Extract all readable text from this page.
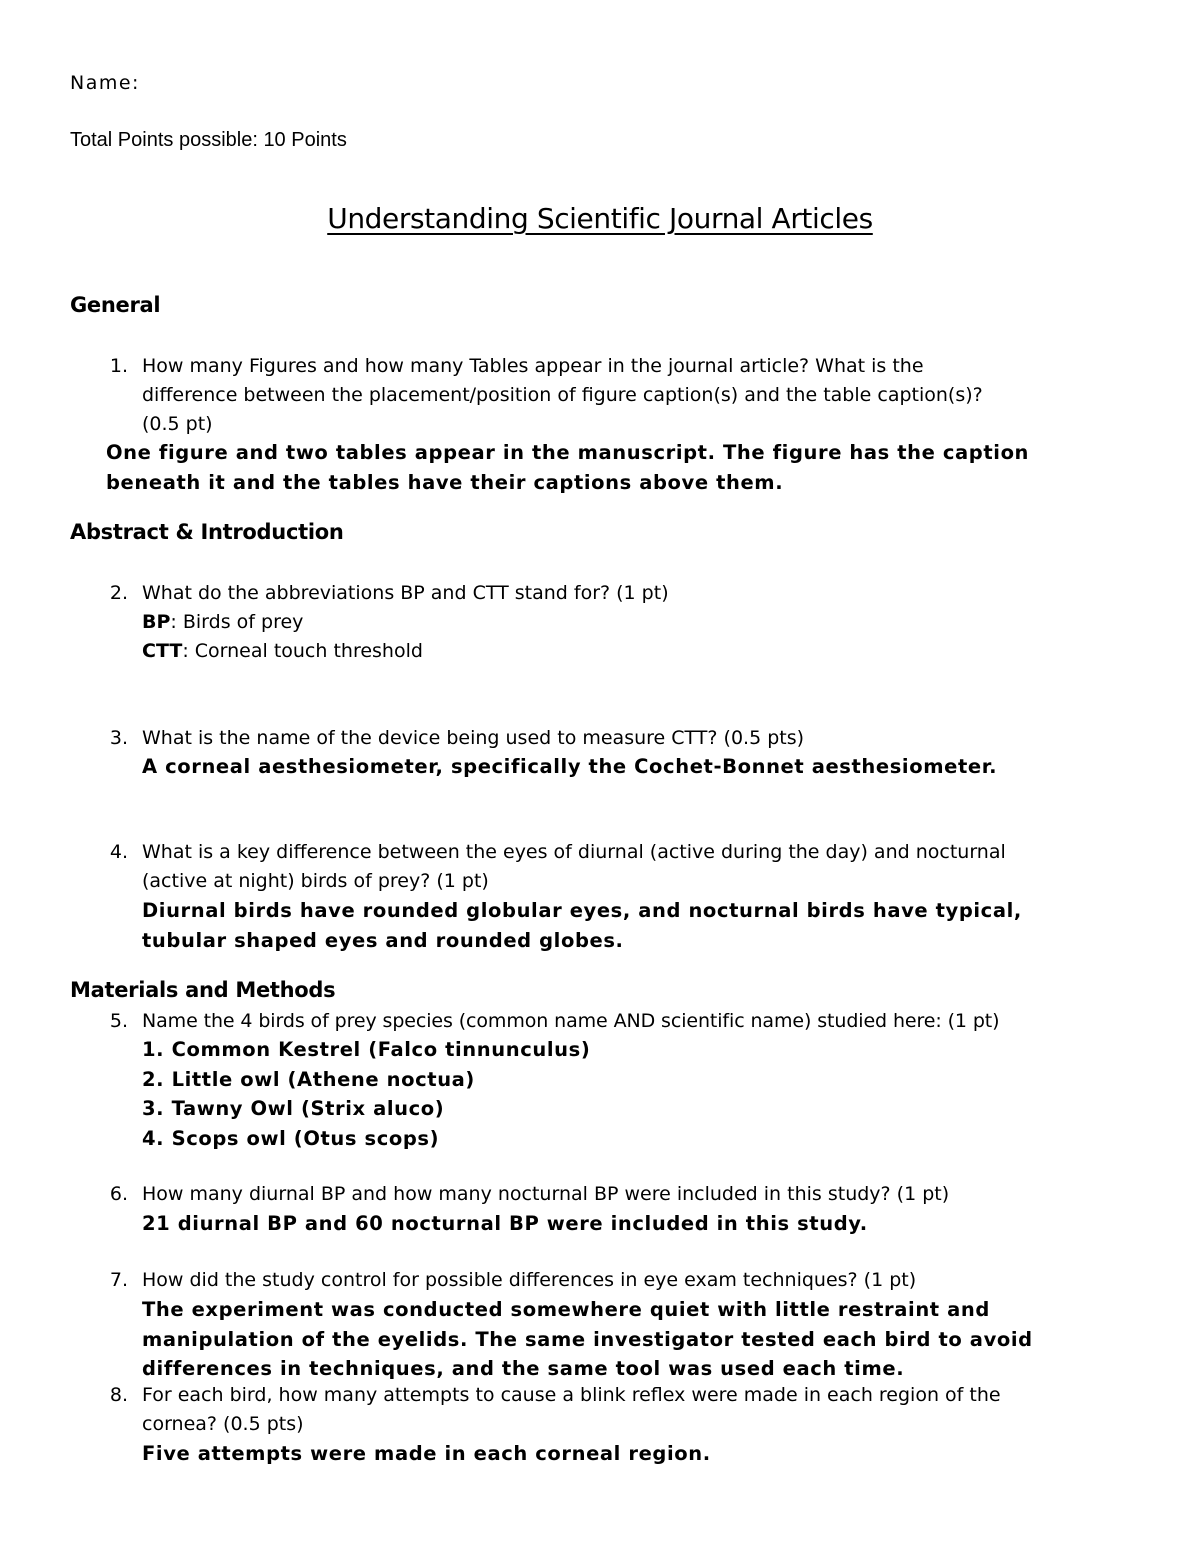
Name:
Total Points possible: 10 Points
Understanding Scientific Journal Articles
General
1. How many Figures and how many Tables appear in the journal article? What is the
difference between the placement/position of figure caption(s) and the table caption(s)?
(0.5 pt)
One figure and two tables appear in the manuscript. The figure has the caption
beneath it and the tables have their captions above them.
Abstract & Introduction
2. What do the abbreviations BP and CTT stand for? (1 pt)
BP: Birds of prey
CTT: Corneal touch threshold
3. What is the name of the device being used to measure CTT? (0.5 pts)
A corneal aesthesiometer, specifically the Cochet-Bonnet aesthesiometer.
4. What is a key difference between the eyes of diurnal (active during the day) and nocturnal
(active at night) birds of prey? (1 pt)
Diurnal birds have rounded globular eyes, and nocturnal birds have typical,
tubular shaped eyes and rounded globes.
Materials and Methods
5. Name the 4 birds of prey species (common name AND scientific name) studied here: (1 pt)
1. Common Kestrel (Falco tinnunculus)
2. Little owl (Athene noctua)
3. Tawny Owl (Strix aluco)
4. Scops owl (Otus scops)
6. How many diurnal BP and how many nocturnal BP were included in this study? (1 pt)
21 diurnal BP and 60 nocturnal BP were included in this study.
7. How did the study control for possible differences in eye exam techniques? (1 pt)
The experiment was conducted somewhere quiet with little restraint and
manipulation of the eyelids. The same investigator tested each bird to avoid
differences in techniques, and the same tool was used each time.
8. For each bird, how many attempts to cause a blink reflex were made in each region of the
cornea? (0.5 pts)
Five attempts were made in each corneal region.
